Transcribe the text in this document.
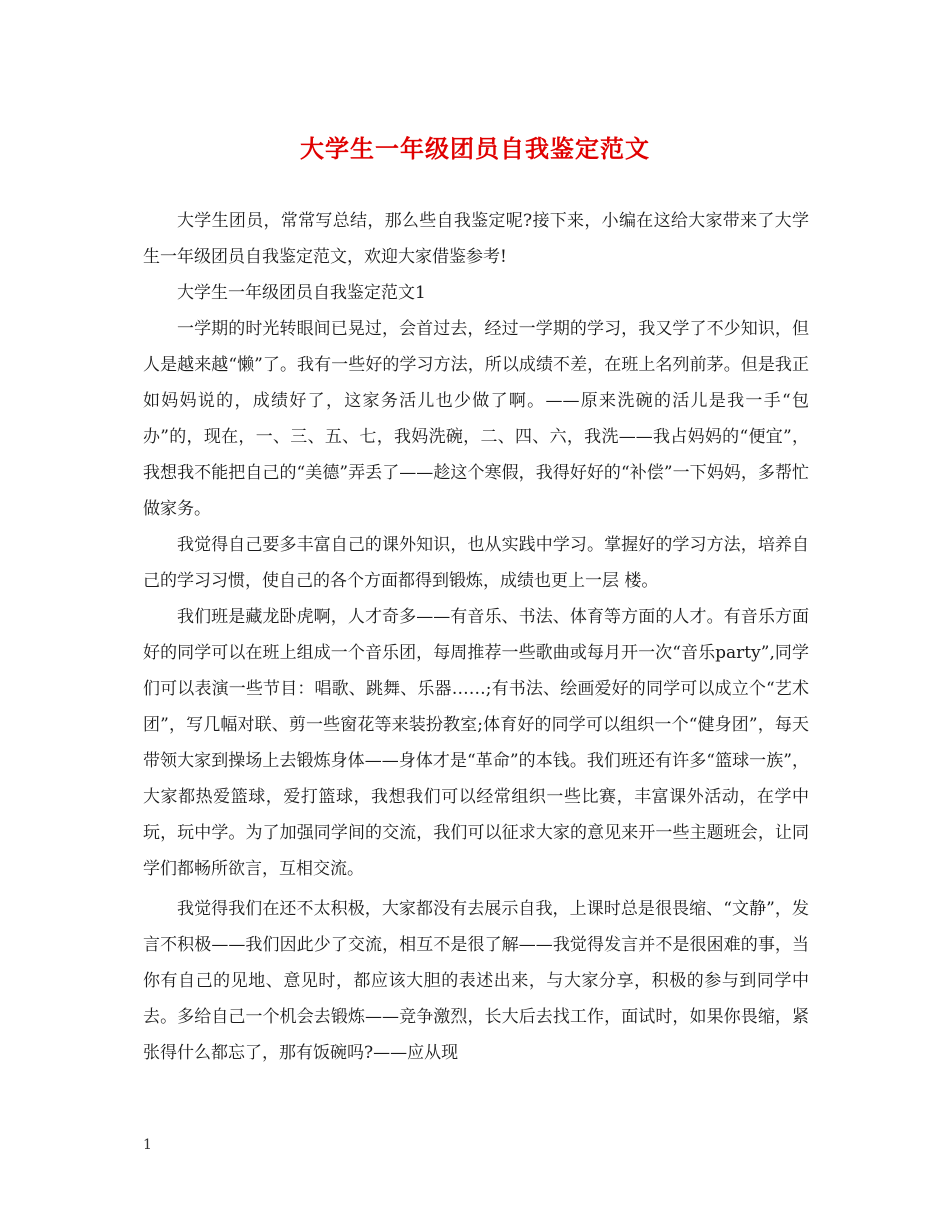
大学生一年级团员自我鉴定范文

大学生团员，常常写总结，那么些自我鉴定呢?接下来，小编在这给大家带来了大学生一年级团员自我鉴定范文，欢迎大家借鉴参考!

大学生一年级团员自我鉴定范文1

一学期的时光转眼间已晃过，会首过去，经过一学期的学习，我又学了不少知识，但人是越来越“懒”了。我有一些好的学习方法，所以成绩不差，在班上名列前茅。但是我正如妈妈说的，成绩好了，这家务活儿也少做了啊。——原来洗碗的活儿是我一手“包办”的，现在，一、三、五、七，我妈洗碗，二、四、六，我洗——我占妈妈的“便宜”，我想我不能把自己的“美德”弄丢了——趁这个寒假，我得好好的“补偿”一下妈妈，多帮忙做家务。

我觉得自己要多丰富自己的课外知识，也从实践中学习。掌握好的学习方法，培养自己的学习习惯，使自己的各个方面都得到锻炼，成绩也更上一层 楼。

我们班是藏龙卧虎啊，人才奇多——有音乐、书法、体育等方面的人才。有音乐方面好的同学可以在班上组成一个音乐团，每周推荐一些歌曲或每月开一次“音乐party”,同学们可以表演一些节目：唱歌、跳舞、乐器……;有书法、绘画爱好的同学可以成立个“艺术团”，写几幅对联、剪一些窗花等来装扮教室;体育好的同学可以组织一个“健身团”，每天带领大家到操场上去锻炼身体——身体才是“革命”的本钱。我们班还有许多“篮球一族”，大家都热爱篮球，爱打篮球，我想我们可以经常组织一些比赛，丰富课外活动，在学中玩，玩中学。为了加强同学间的交流，我们可以征求大家的意见来开一些主题班会，让同学们都畅所欲言，互相交流。

我觉得我们在还不太积极，大家都没有去展示自我，上课时总是很畏缩、“文静”，发言不积极——我们因此少了交流，相互不是很了解——我觉得发言并不是很困难的事，当你有自己的见地、意见时，都应该大胆的表述出来，与大家分享，积极的参与到同学中去。多给自己一个机会去锻炼——竞争激烈，长大后去找工作，面试时，如果你畏缩，紧张得什么都忘了，那有饭碗吗?——应从现

1
